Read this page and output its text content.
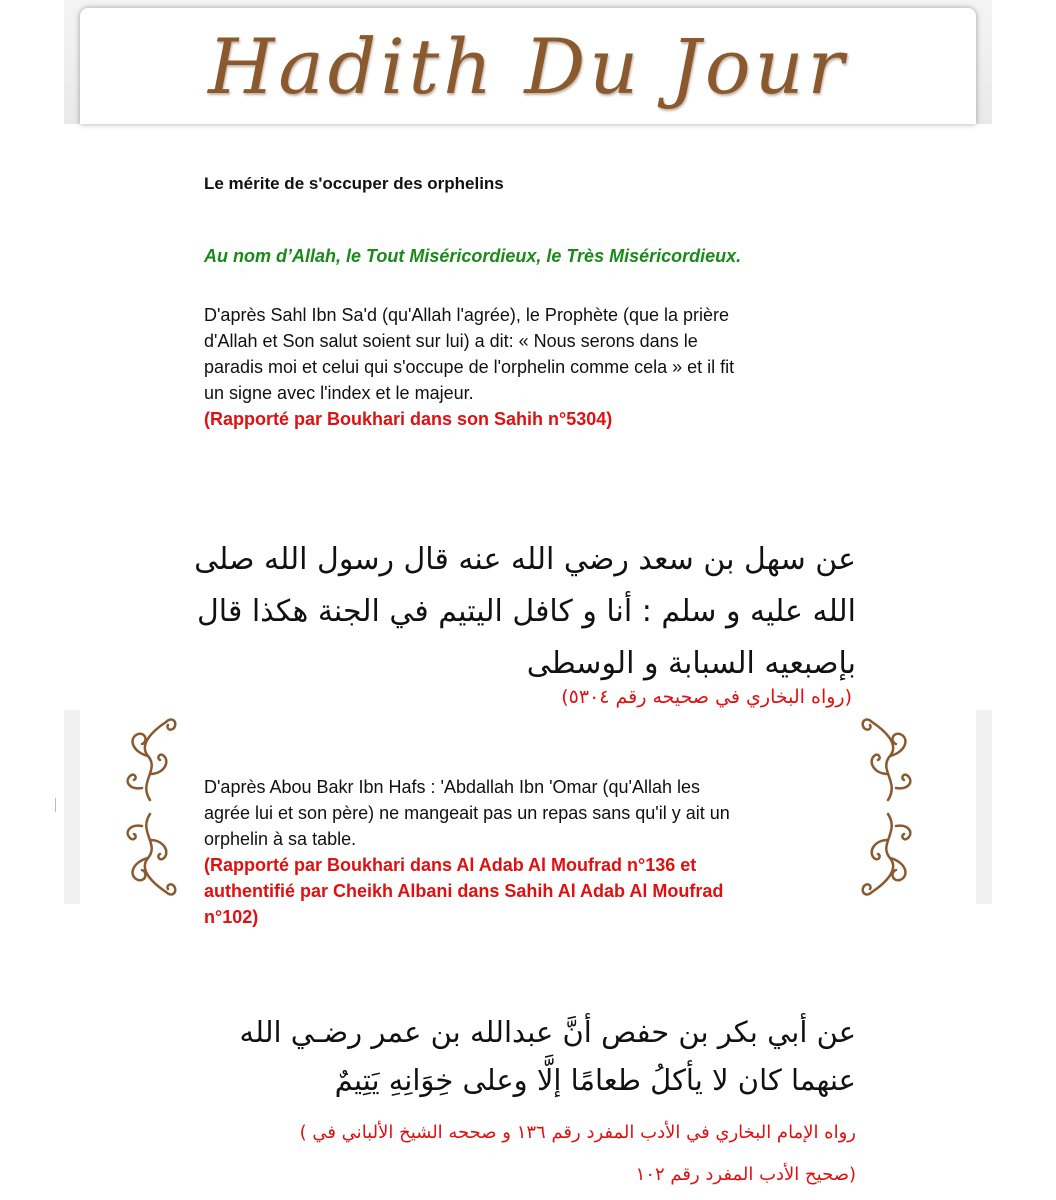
Hadith Du Jour
Le mérite de s'occuper des orphelins
Au nom d’Allah, le Tout Miséricordieux, le Très Miséricordieux.
D'après Sahl Ibn Sa'd (qu'Allah l'agrée), le Prophète (que la prière
d'Allah et Son salut soient sur lui) a dit: « Nous serons dans le
paradis moi et celui qui s'occupe de l'orphelin comme cela » et il fit
un signe avec l'index et le majeur.
(Rapporté par Boukhari dans son Sahih n°5304)
عن سهل بن سعد رضي الله عنه قال رسول الله صلى
الله عليه و سلم : أنا و كافل اليتيم في الجنة هكذا قال
بإصبعيه السبابة و الوسطى
(رواه البخاري في صحيحه رقم ٥٣٠٤)
D'après Abou Bakr Ibn Hafs : 'Abdallah Ibn 'Omar (qu'Allah les
agrée lui et son père) ne mangeait pas un repas sans qu'il y ait un
orphelin à sa table.
(Rapporté par Boukhari dans Al Adab Al Moufrad n°136 et
authentifié par Cheikh Albani dans Sahih Al Adab Al Moufrad
n°102)
عن أبي بكر بن حفص أنَّ عبدالله بن عمر رضـي الله
عنهما كان لا يأكلُ طعامًا إلَّا وعلى خِوَانِهِ يَتِيمٌ
رواه الإمام البخاري في الأدب المفرد رقم ١٣٦ و صححه الشيخ الألباني في )
(صحيح الأدب المفرد رقم ١٠٢
